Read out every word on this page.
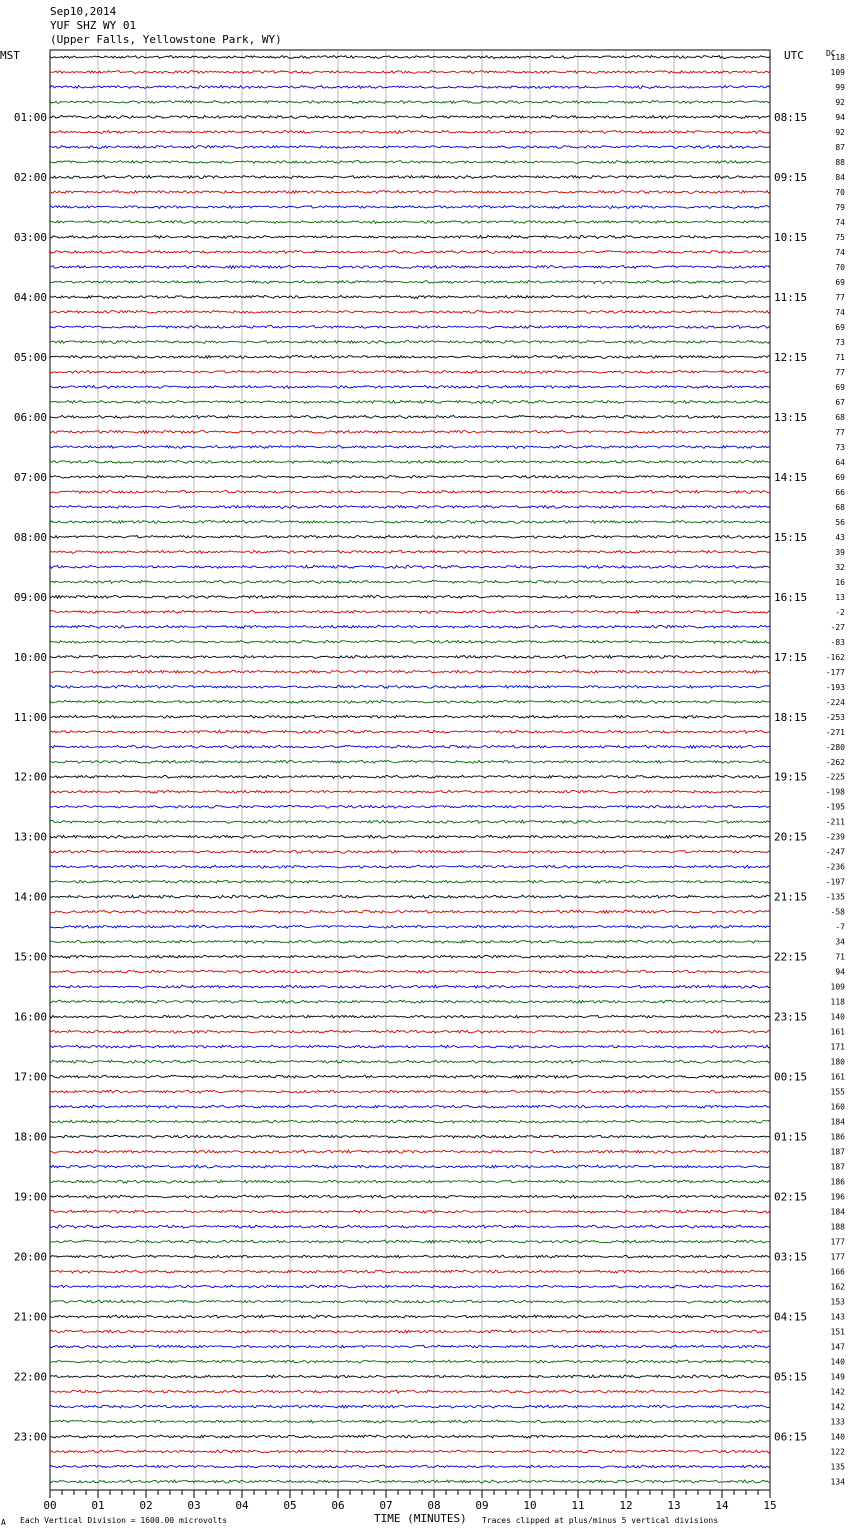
Sep10,2014
YUF SHZ WY 01
(Upper Falls, Yellowstone Park, WY)
MST	UTC	DC
118
109
99
92
94
92
87
88
84
70
79
74
75
74
70
69
77
74
69
73
71
77
69
67
68
77
73
64
69
66
68
56
43
39
32
16
13
-2
-27
-83
-162
-177
-193
-224
-253
-271
-280
-262
-225
-198
-195
-211
-239
-247
-236
-197
-135
-58
-7
34
71
94
109
118
140
161
171
180
161
155
160
184
186
187
187
186
196
184
188
177
177
166
162
153
143
151
147
140
149
142
142
133
140
122
135
134
01:00	08:15
02:00	09:15
03:00	10:15
04:00	11:15
05:00	12:15
06:00	13:15
07:00	14:15
08:00	15:15
09:00	16:15
10:00	17:15
11:00	18:15
12:00	19:15
13:00	20:15
14:00	21:15
15:00	22:15
16:00	23:15
17:00	00:15
18:00	01:15
19:00	02:15
20:00	03:15
21:00	04:15
22:00	05:15
23:00	06:15
00	01	02	03	04	05	06	07	08	09	10	11	12	13	14	15
A Each Vertical Division = 1600.00 microvolts	TIME (MINUTES) Traces clipped at plus/minus 5 vertical divisions
